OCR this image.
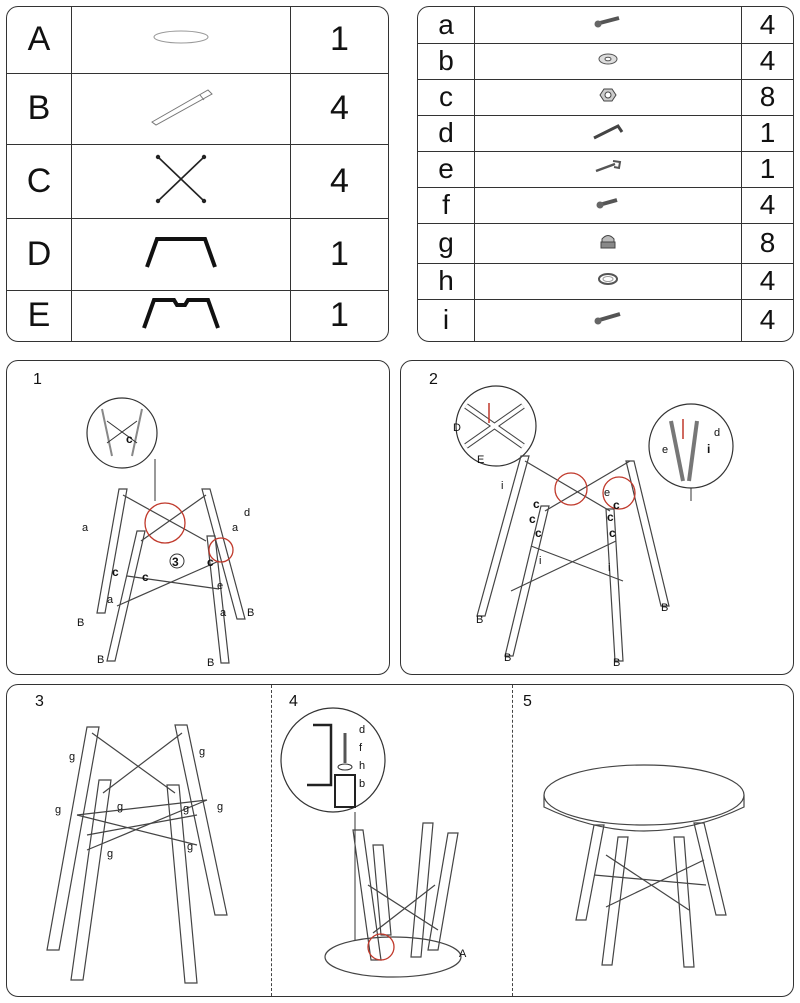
A		1
B		4
C		4
D		1
E		1
a		4
b		4
c		8
d		1
e		1
f		4
g		8
h		4
i		4
1
c
3
a
d
a
c c
c
e
a
a
B
B
B	B
2
D
E
d
e	i
i
c
c
c
e
c
c
c
i
i
B
B
B	B
3	4	5
g	g
g	g
g	g
g
g
d
f
h
b
A
